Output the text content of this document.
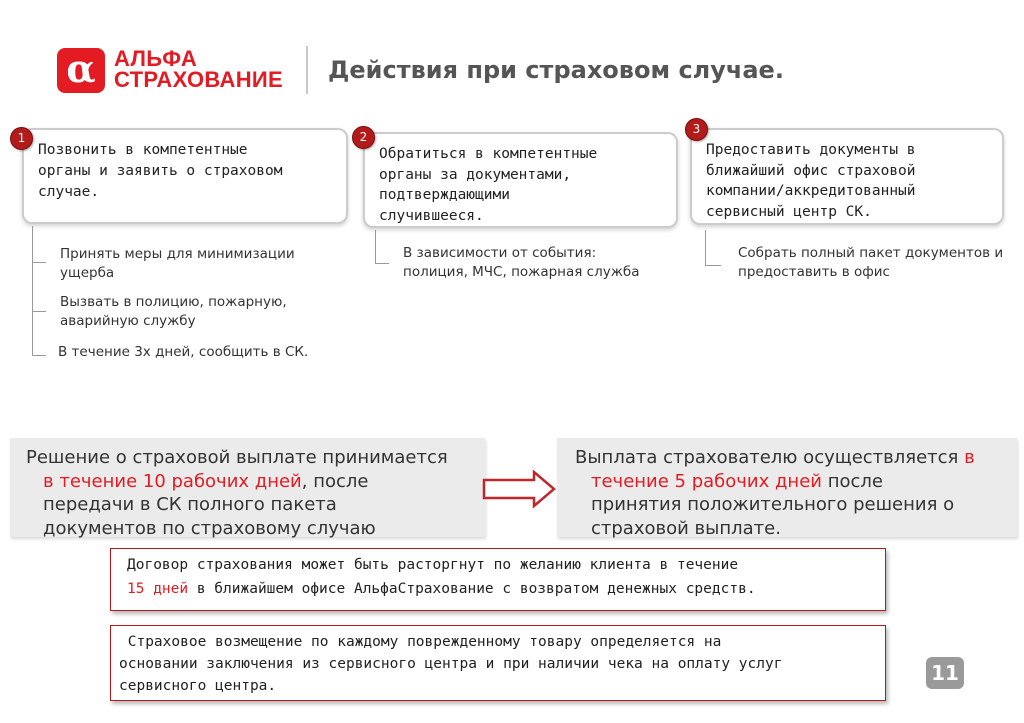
α АЛЬФА
СТРАХОВАНИЕ Действия при страховом случае.
Позвонить в компетентные
органы и заявить о страховом
случае.
1
Принять меры для минимизации
ущерба
Вызвать в полицию, пожарную,
аварийную службу
В течение 3х дней, сообщить в СК.
Обратиться в компетентные
органы за документами,
подтверждающими
случившееся.
2
В зависимости от события:
полиция, МЧС, пожарная служба
Предоставить документы в
ближайший офис страховой
компании/аккредитованный
сервисный центр СК.
3
Собрать полный пакет документов и
предоставить в офис
Решение о страховой выплате принимается
в течение 10 рабочих дней, после
передачи в СК полного пакета
документов по страховому случаю
Выплата страхователю осуществляется в
течение 5 рабочих дней после
принятия положительного решения о
страховой выплате.
Договор страхования может быть расторгнут по желанию клиента в течение
15 дней в ближайшем офисе АльфаСтрахование с возвратом денежных средств.
Страховое возмещение по каждому поврежденному товару определяется на
основании заключения из сервисного центра и при наличии чека на оплату услуг
сервисного центра.
11
